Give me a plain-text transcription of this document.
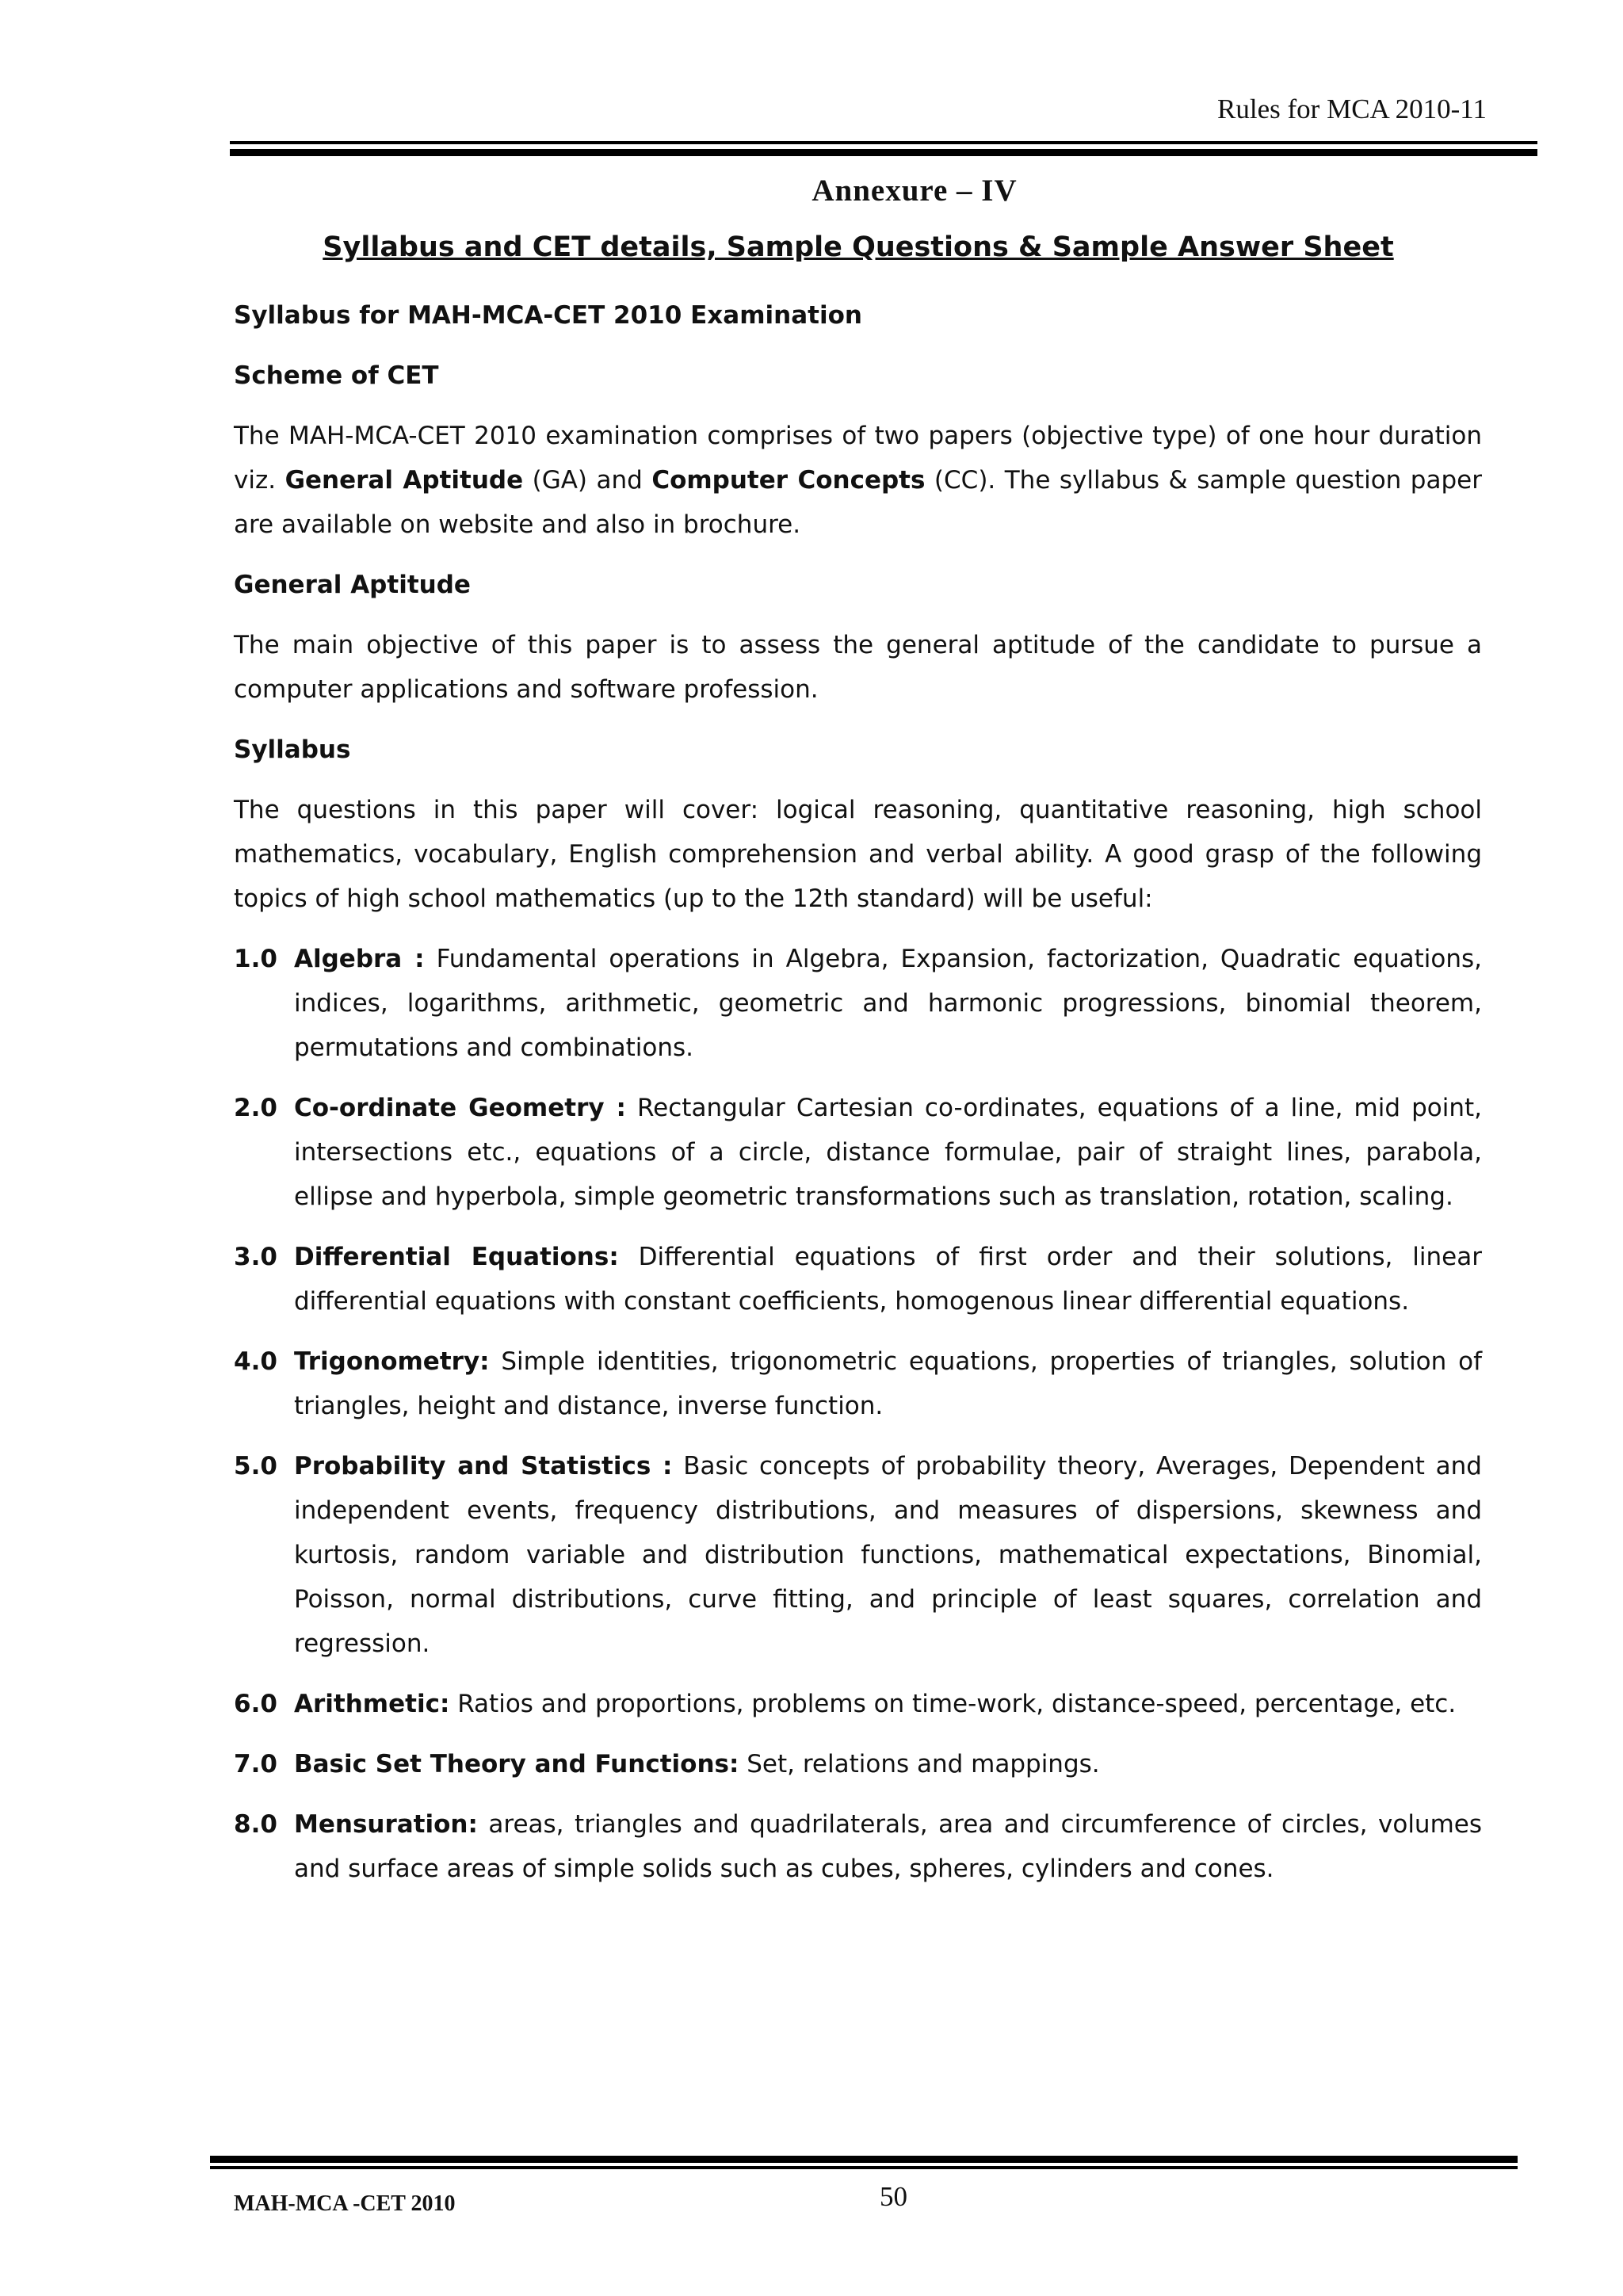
Rules for MCA 2010-11
Annexure – IV
Syllabus and CET details, Sample Questions & Sample Answer Sheet
Syllabus for MAH-MCA-CET 2010 Examination
Scheme of CET
The MAH-MCA-CET 2010 examination comprises of two papers (objective type) of one hour duration viz. General Aptitude (GA) and Computer Concepts (CC). The syllabus & sample question paper are available on website and also in brochure.
General Aptitude
The main objective of this paper is to assess the general aptitude of the candidate to pursue a computer applications and software profession.
Syllabus
The questions in this paper will cover: logical reasoning, quantitative reasoning, high school mathematics, vocabulary, English comprehension and verbal ability. A good grasp of the following topics of high school mathematics (up to the 12th standard) will be useful:
1.0 Algebra : Fundamental operations in Algebra, Expansion, factorization, Quadratic equations, indices, logarithms, arithmetic, geometric and harmonic progressions, binomial theorem, permutations and combinations.
2.0 Co-ordinate Geometry : Rectangular Cartesian co-ordinates, equations of a line, mid point, intersections etc., equations of a circle, distance formulae, pair of straight lines, parabola, ellipse and hyperbola, simple geometric transformations such as translation, rotation, scaling.
3.0 Differential Equations: Differential equations of first order and their solutions, linear differential equations with constant coefficients, homogenous linear differential equations.
4.0 Trigonometry: Simple identities, trigonometric equations, properties of triangles, solution of triangles, height and distance, inverse function.
5.0 Probability and Statistics : Basic concepts of probability theory, Averages, Dependent and independent events, frequency distributions, and measures of dispersions, skewness and kurtosis, random variable and distribution functions, mathematical expectations, Binomial, Poisson, normal distributions, curve fitting, and principle of least squares, correlation and regression.
6.0 Arithmetic: Ratios and proportions, problems on time-work, distance-speed, percentage, etc.
7.0 Basic Set Theory and Functions: Set, relations and mappings.
8.0 Mensuration: areas, triangles and quadrilaterals, area and circumference of circles, volumes and surface areas of simple solids such as cubes, spheres, cylinders and cones.
MAH-MCA -CET 2010	50
